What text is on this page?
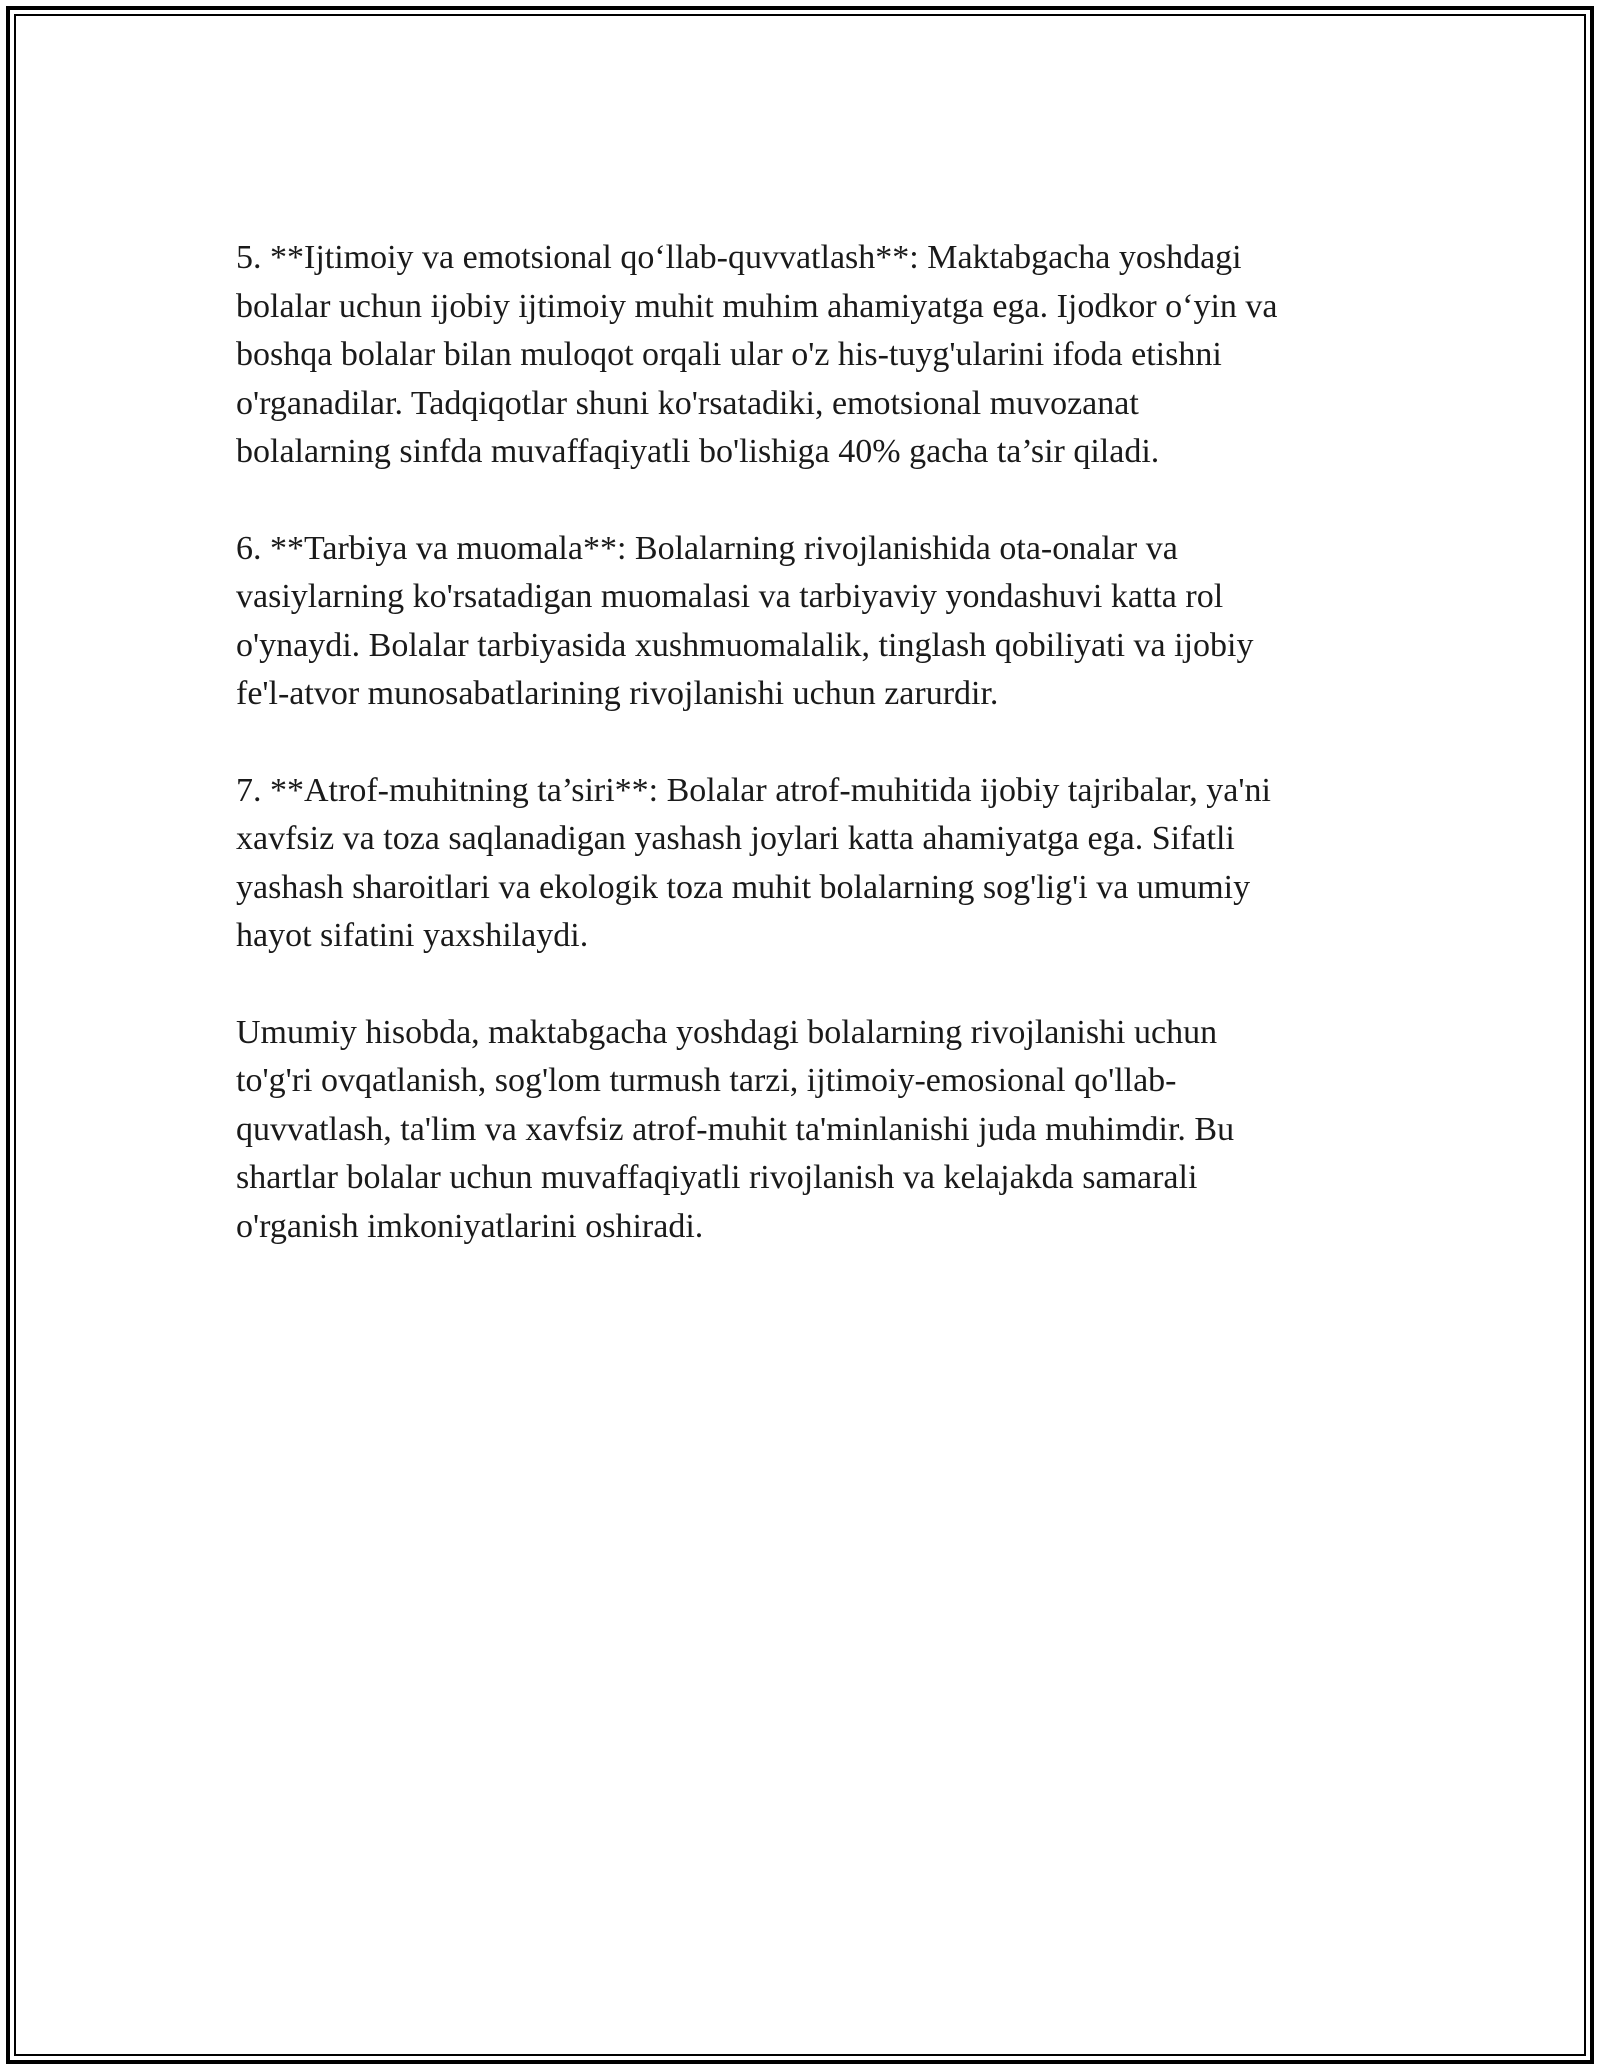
5. **Ijtimoiy va emotsional qo‘llab-quvvatlash**: Maktabgacha yoshdagi
bolalar uchun ijobiy ijtimoiy muhit muhim ahamiyatga ega. Ijodkor o‘yin va
boshqa bolalar bilan muloqot orqali ular o'z his-tuyg'ularini ifoda etishni
o'rganadilar. Tadqiqotlar shuni ko'rsatadiki, emotsional muvozanat
bolalarning sinfda muvaffaqiyatli bo'lishiga 40% gacha ta’sir qiladi.

6. **Tarbiya va muomala**: Bolalarning rivojlanishida ota-onalar va
vasiylarning ko'rsatadigan muomalasi va tarbiyaviy yondashuvi katta rol
o'ynaydi. Bolalar tarbiyasida xushmuomalalik, tinglash qobiliyati va ijobiy
fe'l-atvor munosabatlarining rivojlanishi uchun zarurdir.

7. **Atrof-muhitning ta’siri**: Bolalar atrof-muhitida ijobiy tajribalar, ya'ni
xavfsiz va toza saqlanadigan yashash joylari katta ahamiyatga ega. Sifatli
yashash sharoitlari va ekologik toza muhit bolalarning sog'lig'i va umumiy
hayot sifatini yaxshilaydi.

Umumiy hisobda, maktabgacha yoshdagi bolalarning rivojlanishi uchun
to'g'ri ovqatlanish, sog'lom turmush tarzi, ijtimoiy-emosional qo'llab-
quvvatlash, ta'lim va xavfsiz atrof-muhit ta'minlanishi juda muhimdir. Bu
shartlar bolalar uchun muvaffaqiyatli rivojlanish va kelajakda samarali
o'rganish imkoniyatlarini oshiradi.
